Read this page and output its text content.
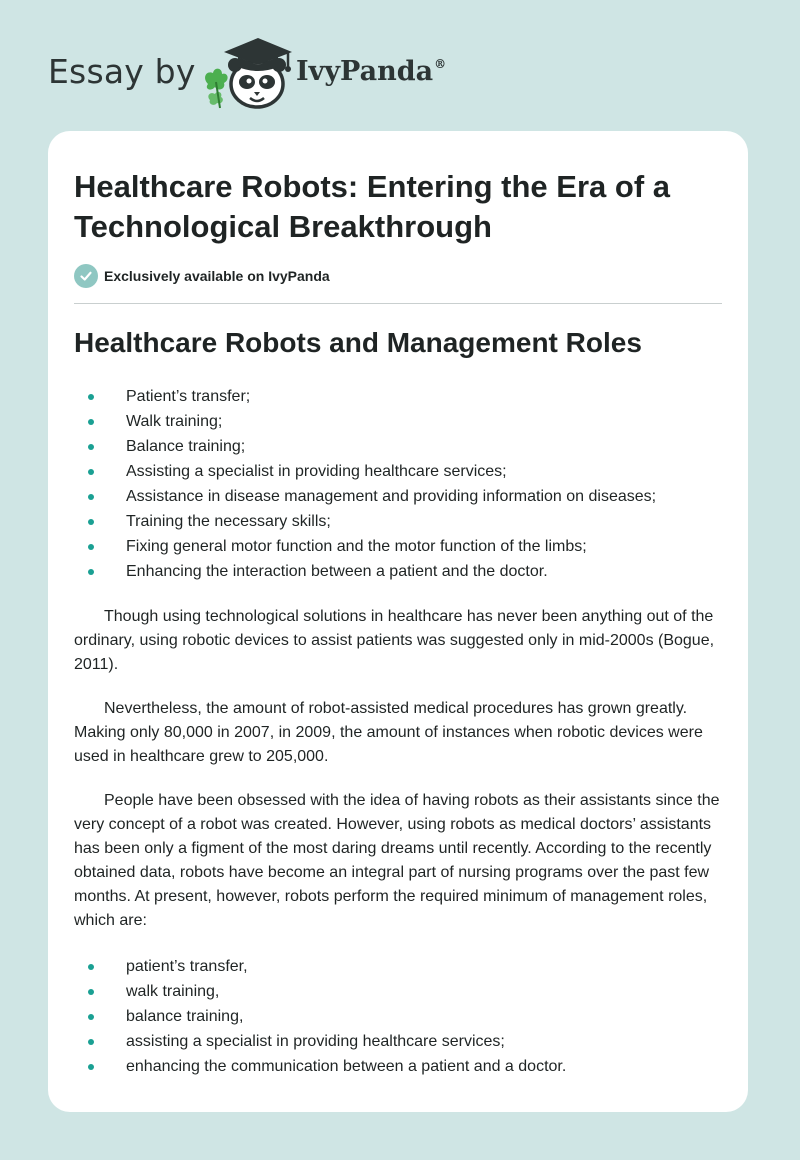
Essay by	IvyPanda®
Healthcare Robots: Entering the Era of a Technological Breakthrough
Exclusively available on IvyPanda
Healthcare Robots and Management Roles
Patient’s transfer;
Walk training;
Balance training;
Assisting a specialist in providing healthcare services;
Assistance in disease management and providing information on diseases;
Training the necessary skills;
Fixing general motor function and the motor function of the limbs;
Enhancing the interaction between a patient and the doctor.

Though using technological solutions in healthcare has never been anything out of the ordinary, using robotic devices to assist patients was suggested only in mid-2000s (Bogue, 2011).

Nevertheless, the amount of robot-assisted medical procedures has grown greatly. Making only 80,000 in 2007, in 2009, the amount of instances when robotic devices were used in healthcare grew to 205,000.

People have been obsessed with the idea of having robots as their assistants since the very concept of a robot was created. However, using robots as medical doctors’ assistants has been only a figment of the most daring dreams until recently. According to the recently obtained data, robots have become an integral part of nursing programs over the past few months. At present, however, robots perform the required minimum of management roles, which are:

patient’s transfer,
walk training,
balance training,
assisting a specialist in providing healthcare services;
enhancing the communication between a patient and a doctor.
